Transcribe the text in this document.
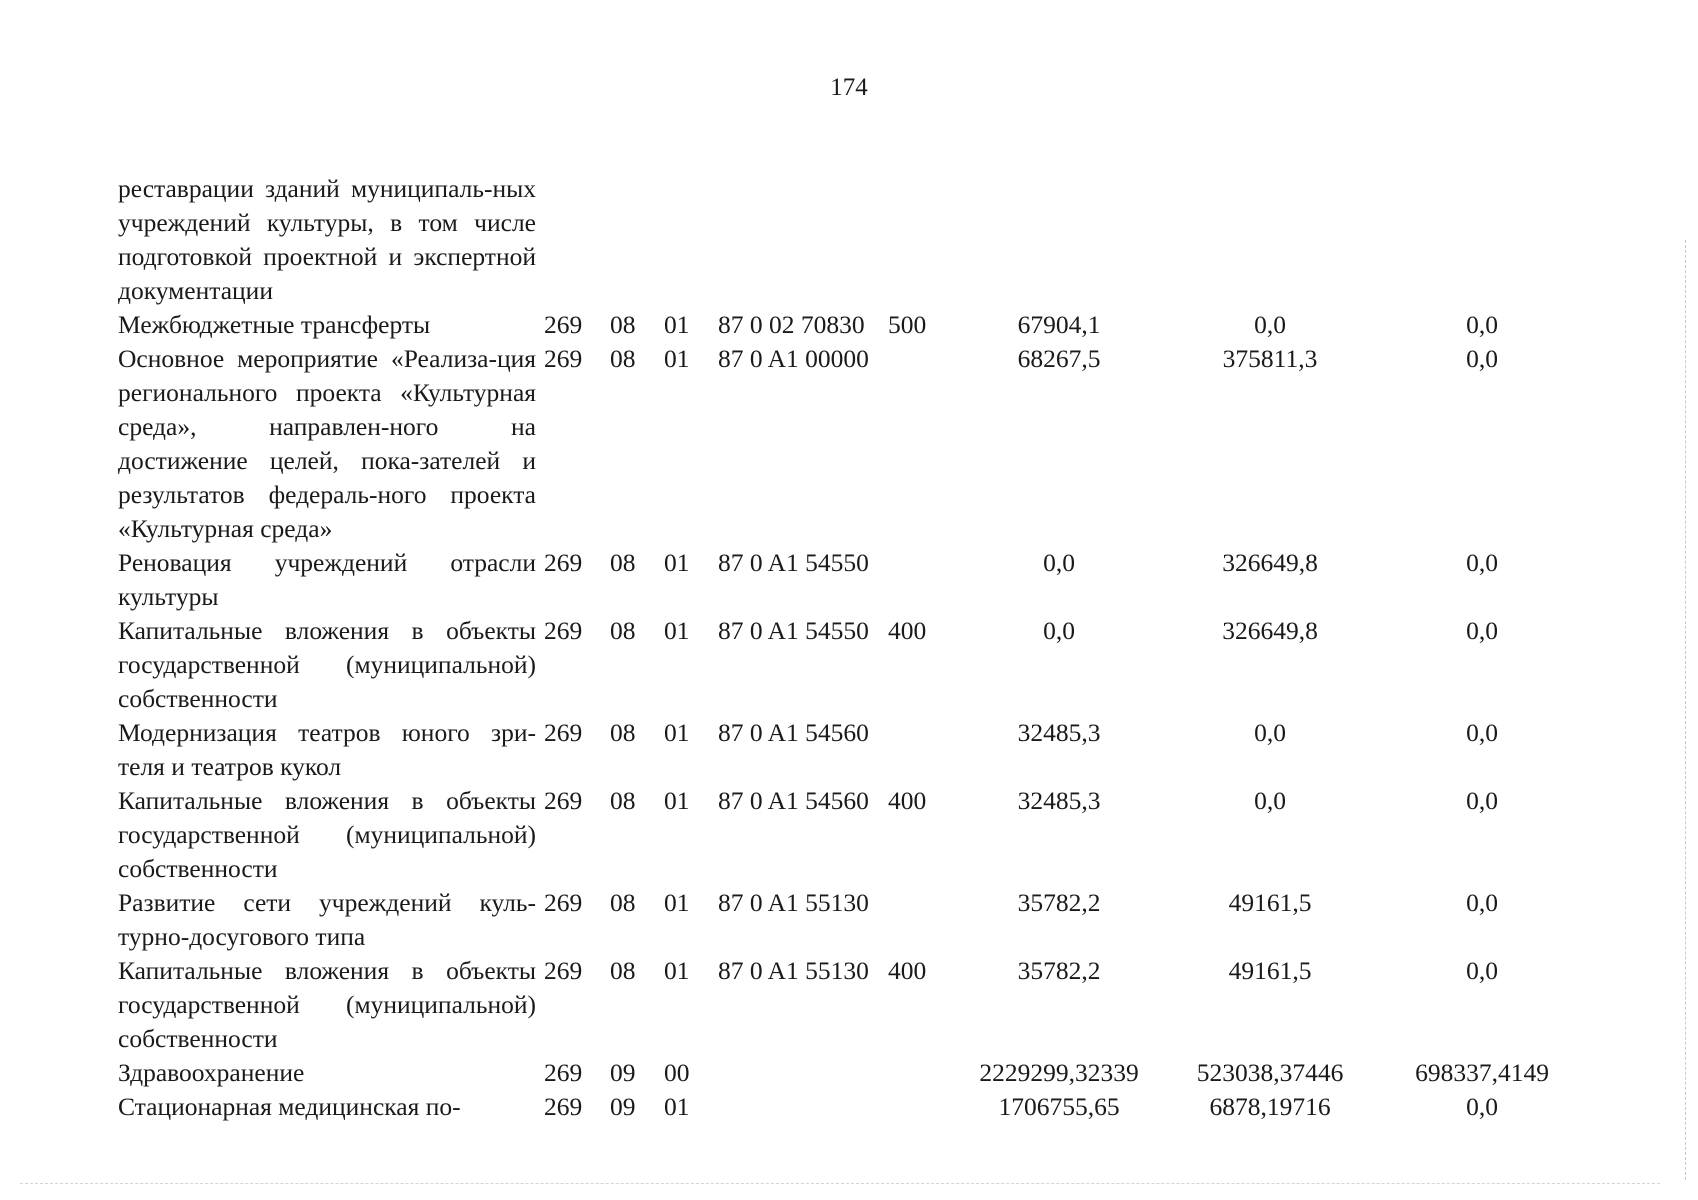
174
реставрации зданий муниципаль-ных учреждений культуры, в том числе подготовкой проектной и экспертной документации								
Межбюджетные трансферты	269	08	01	87 0 02 70830	500	67904,1	0,0	0,0
Основное мероприятие «Реализа-ция регионального проекта «Культурная среда», направлен-ного на достижение целей, пока-зателей и результатов федераль-ного проекта «Культурная среда»	269	08	01	87 0 A1 00000		68267,5	375811,3	0,0
Реновация учреждений отрасли культуры	269	08	01	87 0 A1 54550		0,0	326649,8	0,0
Капитальные вложения в объекты государственной (муниципальной) собственности	269	08	01	87 0 A1 54550	400	0,0	326649,8	0,0
Модернизация театров юного зри-теля и театров кукол	269	08	01	87 0 A1 54560		32485,3	0,0	0,0
Капитальные вложения в объекты государственной (муниципальной) собственности	269	08	01	87 0 A1 54560	400	32485,3	0,0	0,0
Развитие сети учреждений куль-турно-досугового типа	269	08	01	87 0 A1 55130		35782,2	49161,5	0,0
Капитальные вложения в объекты государственной (муниципальной) собственности	269	08	01	87 0 A1 55130	400	35782,2	49161,5	0,0
Здравоохранение	269	09	00			2229299,32339	523038,37446	698337,4149
Стационарная медицинская по-	269	09	01			1706755,65	6878,19716	0,0
